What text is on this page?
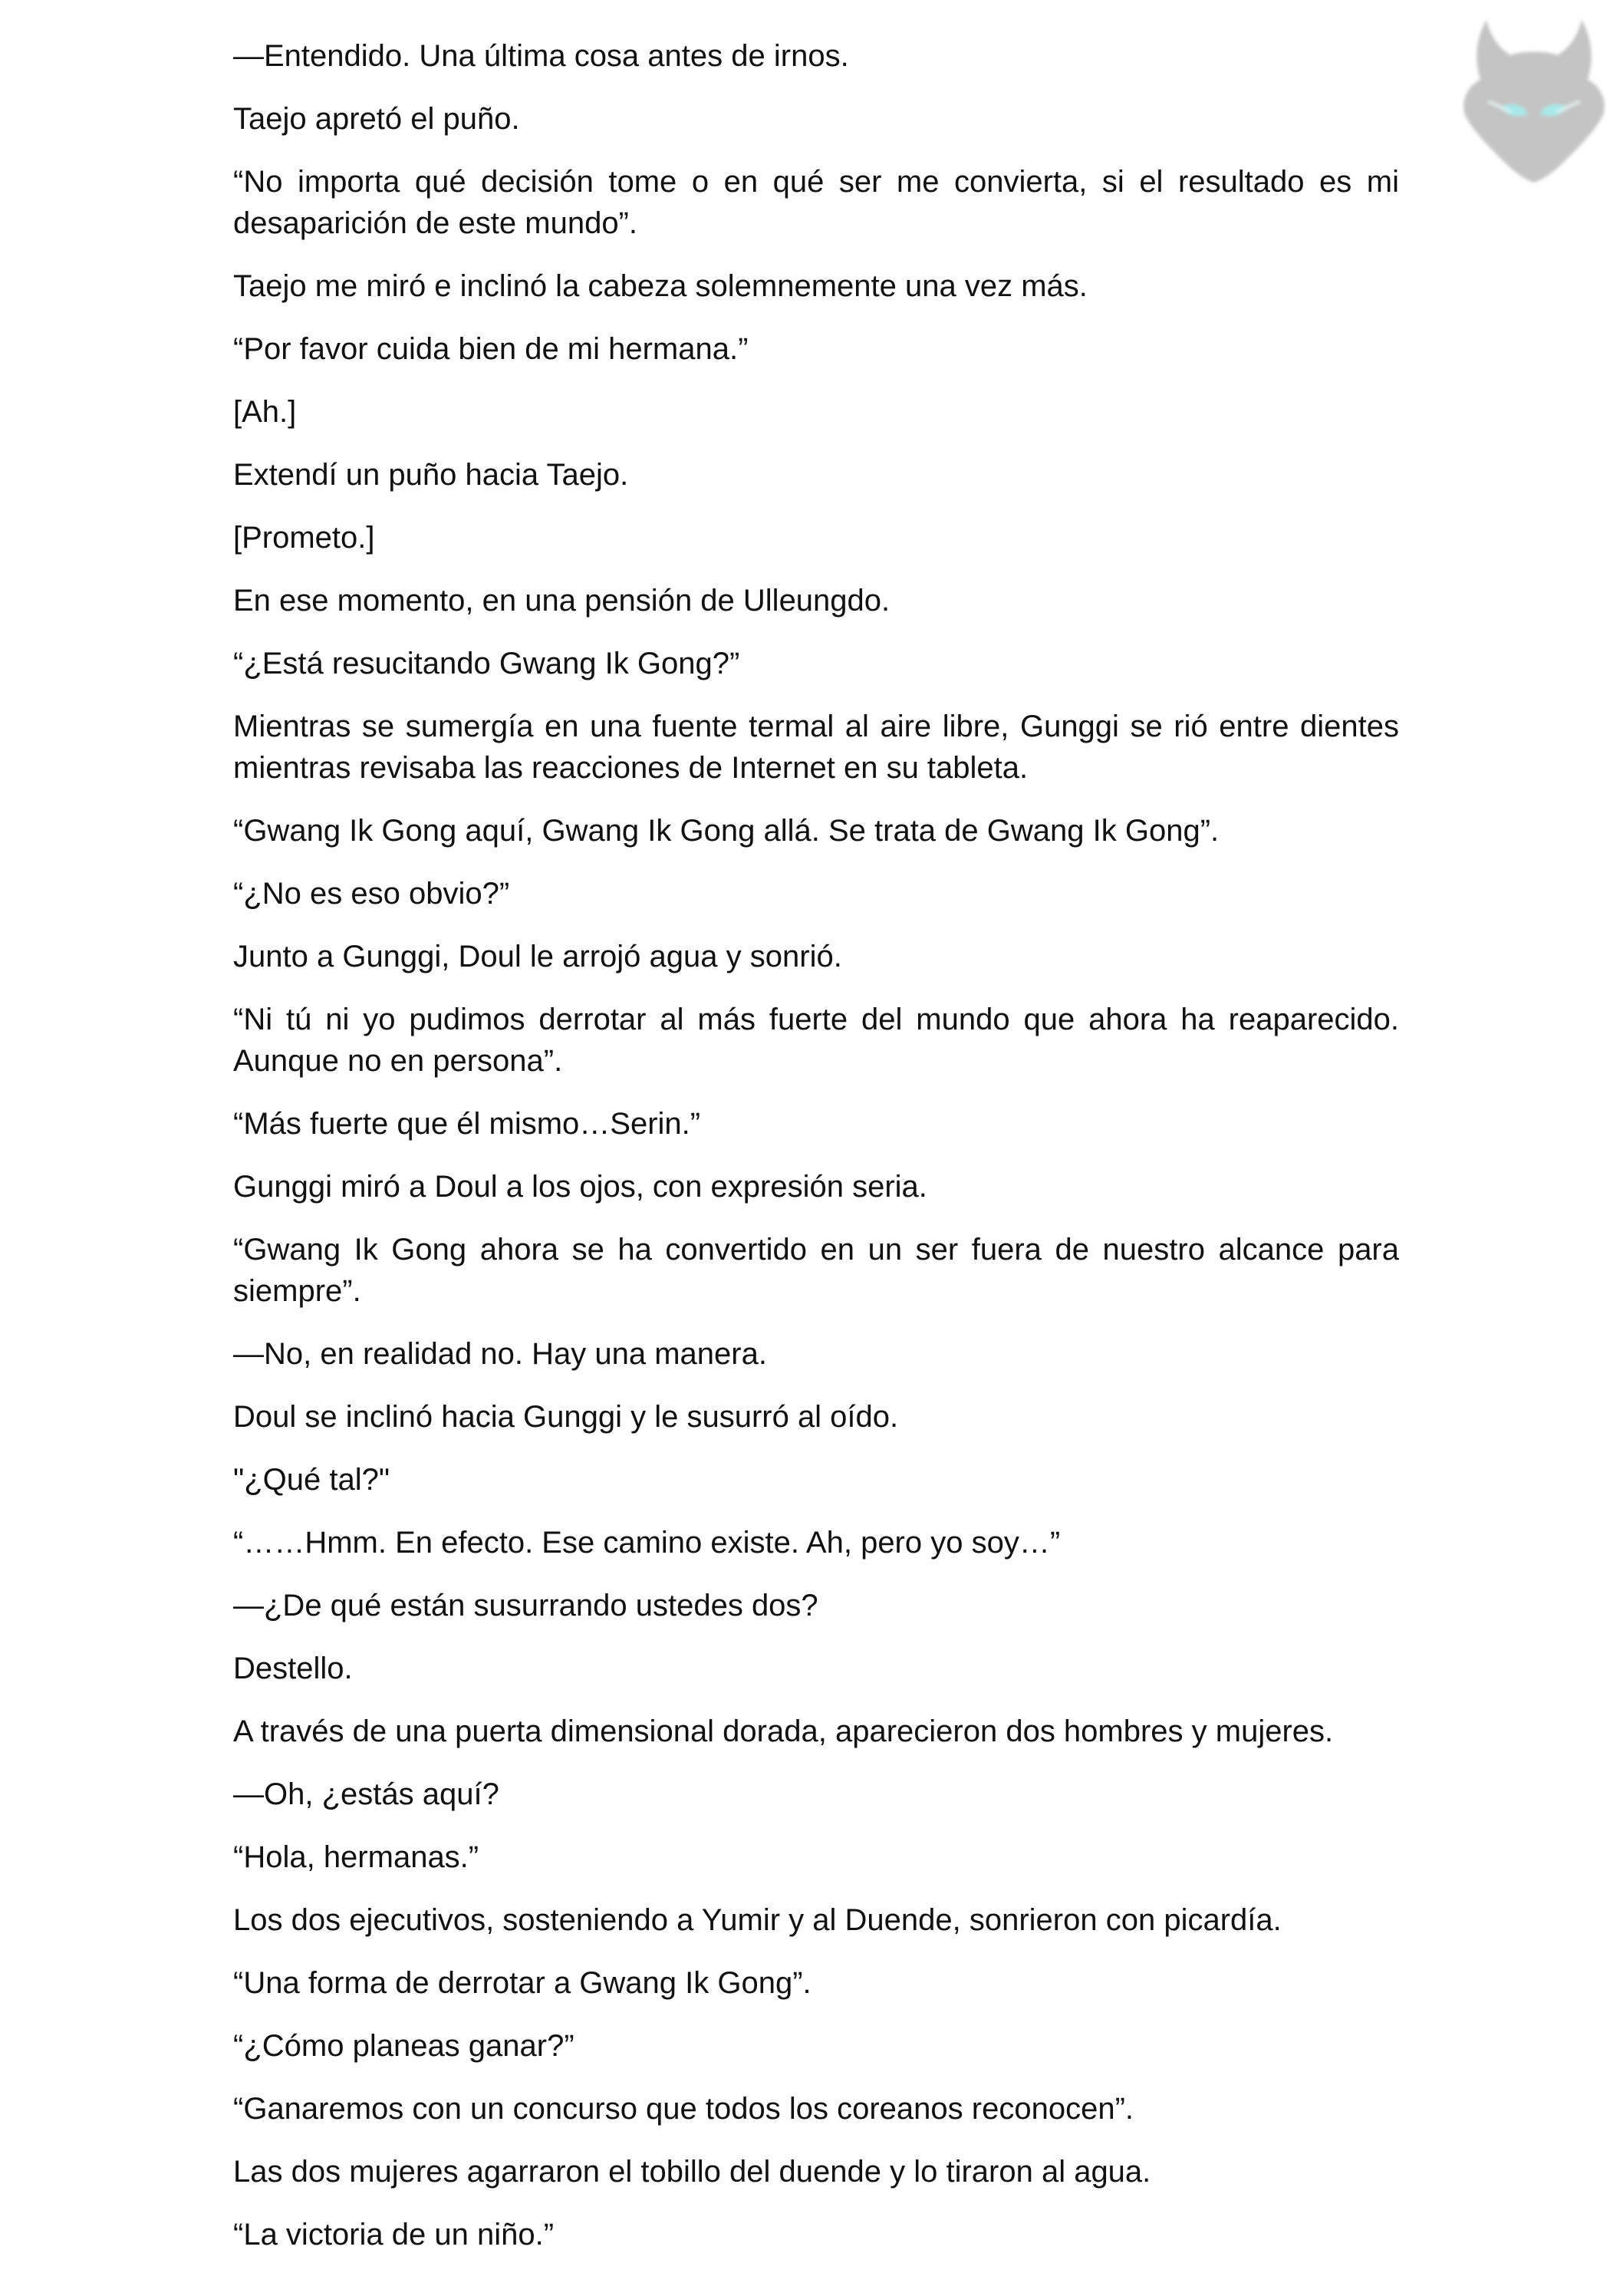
—Entendido. Una última cosa antes de irnos.

Taejo apretó el puño.

“No importa qué decisión tome o en qué ser me convierta, si el resultado es mi desaparición de este mundo”.

Taejo me miró e inclinó la cabeza solemnemente una vez más.

“Por favor cuida bien de mi hermana.”

[Ah.]

Extendí un puño hacia Taejo.

[Prometo.]

En ese momento, en una pensión de Ulleungdo.

“¿Está resucitando Gwang Ik Gong?”

Mientras se sumergía en una fuente termal al aire libre, Gunggi se rió entre dientes mientras revisaba las reacciones de Internet en su tableta.

“Gwang Ik Gong aquí, Gwang Ik Gong allá. Se trata de Gwang Ik Gong”.

“¿No es eso obvio?”

Junto a Gunggi, Doul le arrojó agua y sonrió.

“Ni tú ni yo pudimos derrotar al más fuerte del mundo que ahora ha reaparecido. Aunque no en persona”.

“Más fuerte que él mismo…Serin.”

Gunggi miró a Doul a los ojos, con expresión seria.

“Gwang Ik Gong ahora se ha convertido en un ser fuera de nuestro alcance para siempre”.

—No, en realidad no. Hay una manera.

Doul se inclinó hacia Gunggi y le susurró al oído.

"¿Qué tal?"

“……Hmm. En efecto. Ese camino existe. Ah, pero yo soy…”

—¿De qué están susurrando ustedes dos?

Destello.

A través de una puerta dimensional dorada, aparecieron dos hombres y mujeres.

—Oh, ¿estás aquí?

“Hola, hermanas.”

Los dos ejecutivos, sosteniendo a Yumir y al Duende, sonrieron con picardía.

“Una forma de derrotar a Gwang Ik Gong”.

“¿Cómo planeas ganar?”

“Ganaremos con un concurso que todos los coreanos reconocen”.

Las dos mujeres agarraron el tobillo del duende y lo tiraron al agua.

“La victoria de un niño.”
